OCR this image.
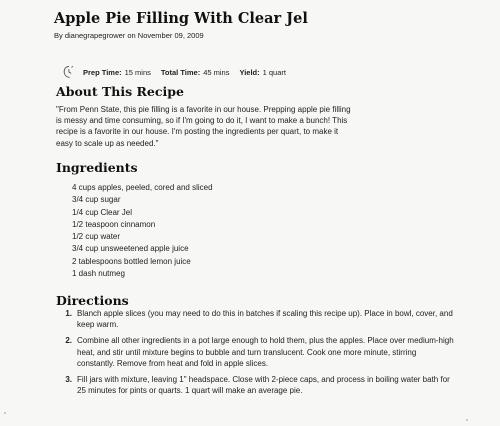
Apple Pie Filling With Clear Jel
By dianegrapegrower on November 09, 2009
Prep Time: 15 mins Total Time: 45 mins Yield: 1 quart
About This Recipe
"From Penn State, this pie filling is a favorite in our house. Prepping apple pie filling is messy and time consuming, so if I'm going to do it, I want to make a bunch! This recipe is a favorite in our house. I'm posting the ingredients per quart, to make it easy to scale up as needed."
Ingredients
4 cups apples, peeled, cored and sliced
3/4 cup sugar
1/4 cup Clear Jel
1/2 teaspoon cinnamon
1/2 cup water
3/4 cup unsweetened apple juice
2 tablespoons bottled lemon juice
1 dash nutmeg
Directions
1. Blanch apple slices (you may need to do this in batches if scaling this recipe up). Place in bowl, cover, and keep warm.
2. Combine all other ingredients in a pot large enough to hold them, plus the apples. Place over medium-high heat, and stir until mixture begins to bubble and turn translucent. Cook one more minute, stirring constantly. Remove from heat and fold in apple slices.
3. Fill jars with mixture, leaving 1" headspace. Close with 2-piece caps, and process in boiling water bath for 25 minutes for pints or quarts. 1 quart will make an average pie.
